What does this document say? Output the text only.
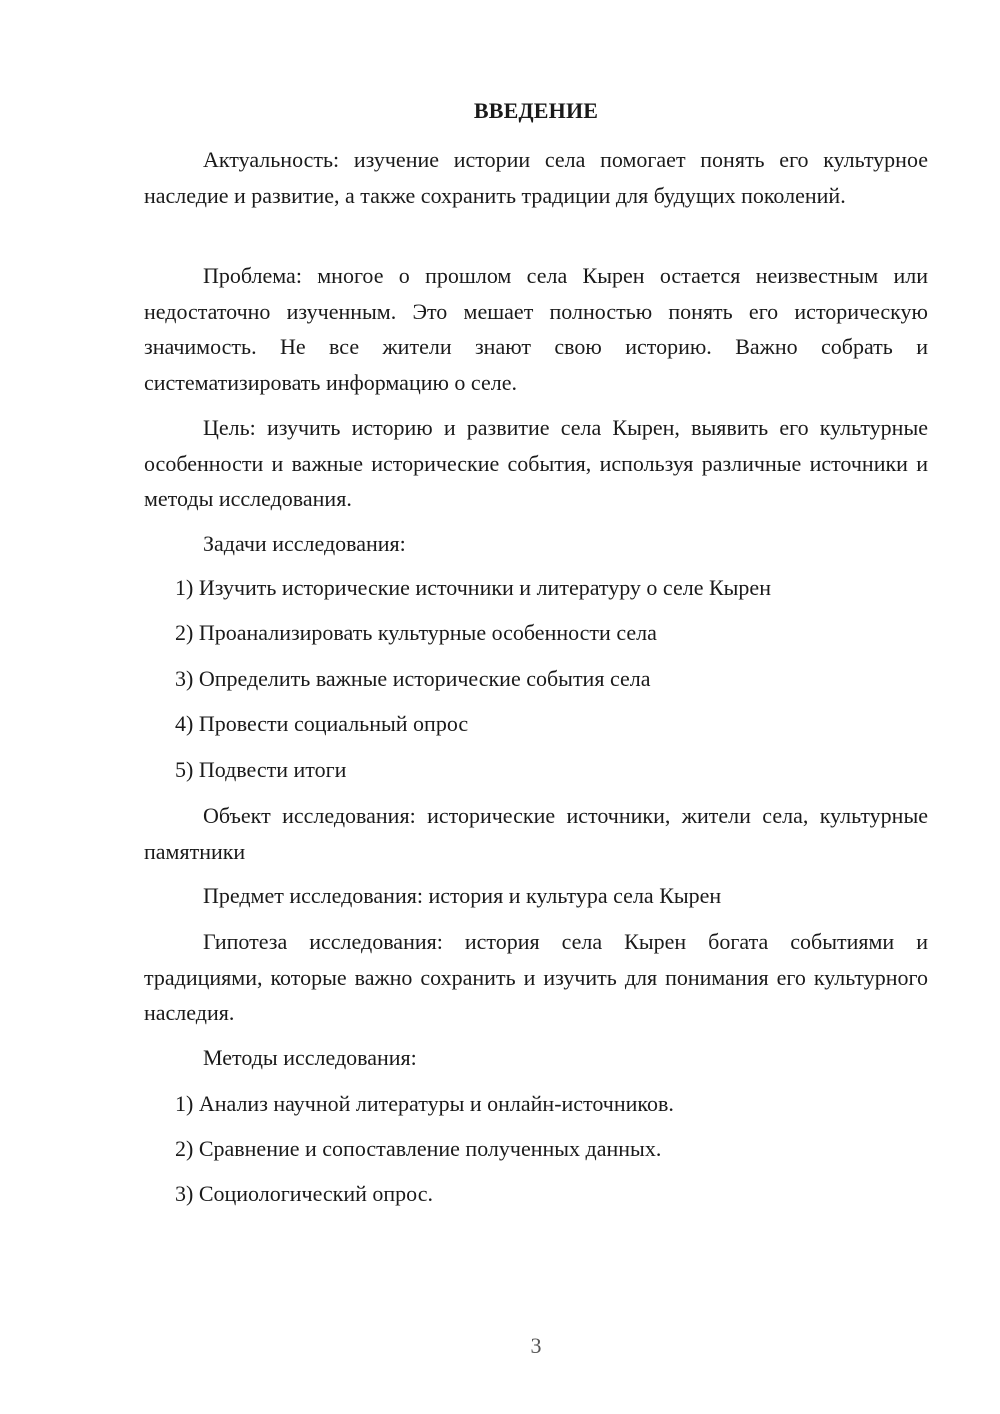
ВВЕДЕНИЕ

Актуальность: изучение истории села помогает понять его культурное наследие и развитие, а также сохранить традиции для будущих поколений.

Проблема: многое о прошлом села Кырен остается неизвестным или недостаточно изученным. Это мешает полностью понять его историческую значимость. Не все жители знают свою историю. Важно собрать и систематизировать информацию о селе.

Цель: изучить историю и развитие села Кырен, выявить его культурные особенности и важные исторические события, используя различные источники и методы исследования.

Задачи исследования:

1) Изучить исторические источники и литературу о селе Кырен

2) Проанализировать культурные особенности села

3) Определить важные исторические события села

4) Провести социальный опрос

5) Подвести итоги

Объект исследования: исторические источники, жители села, культурные памятники

Предмет исследования: история и культура села Кырен

Гипотеза исследования: история села Кырен богата событиями и традициями, которые важно сохранить и изучить для понимания его культурного наследия.

Методы исследования:

1) Анализ научной литературы и онлайн-источников.

2) Сравнение и сопоставление полученных данных.

3) Социологический опрос.

3
